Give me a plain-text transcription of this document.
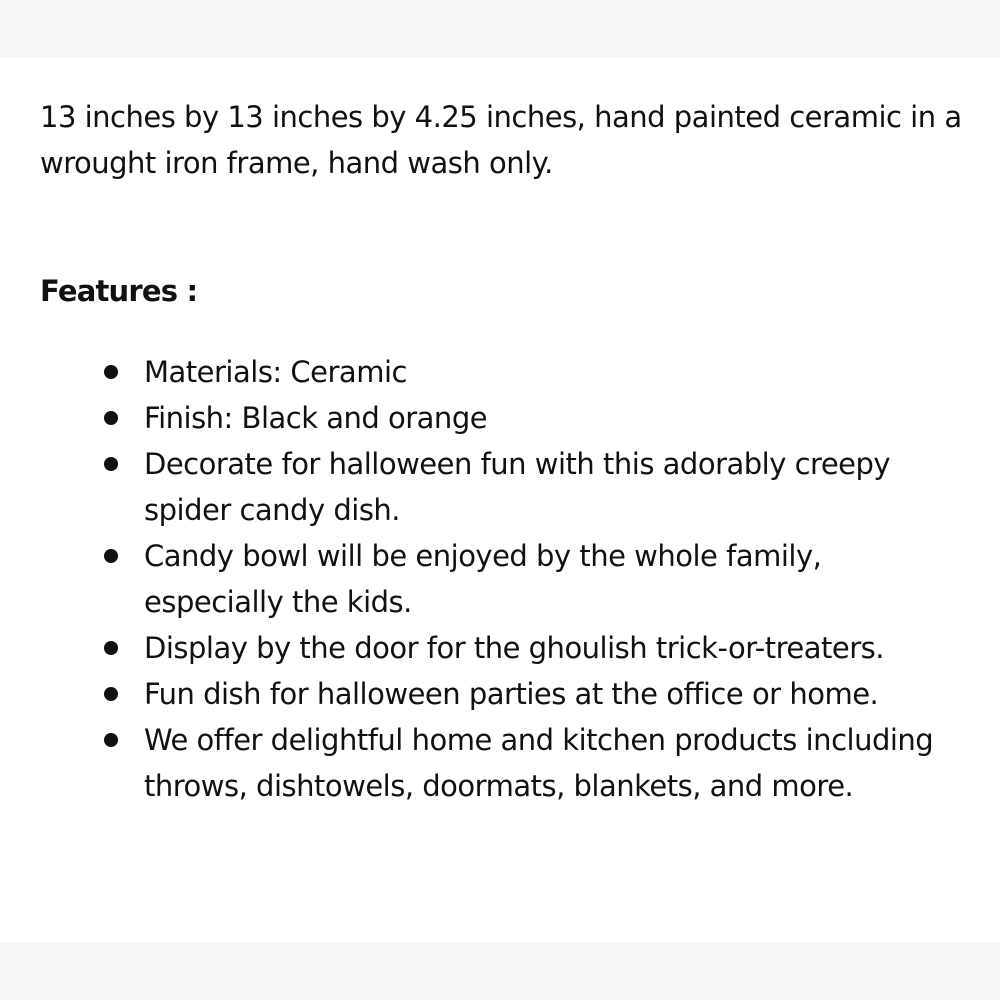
13 inches by 13 inches by 4.25 inches, hand painted ceramic in a wrought iron frame, hand wash only.

Features :
Materials: Ceramic
Finish: Black and orange
Decorate for halloween fun with this adorably creepy spider candy dish.
Candy bowl will be enjoyed by the whole family, especially the kids.
Display by the door for the ghoulish trick-or-treaters.
Fun dish for halloween parties at the office or home.
We offer delightful home and kitchen products including throws, dishtowels, doormats, blankets, and more.
